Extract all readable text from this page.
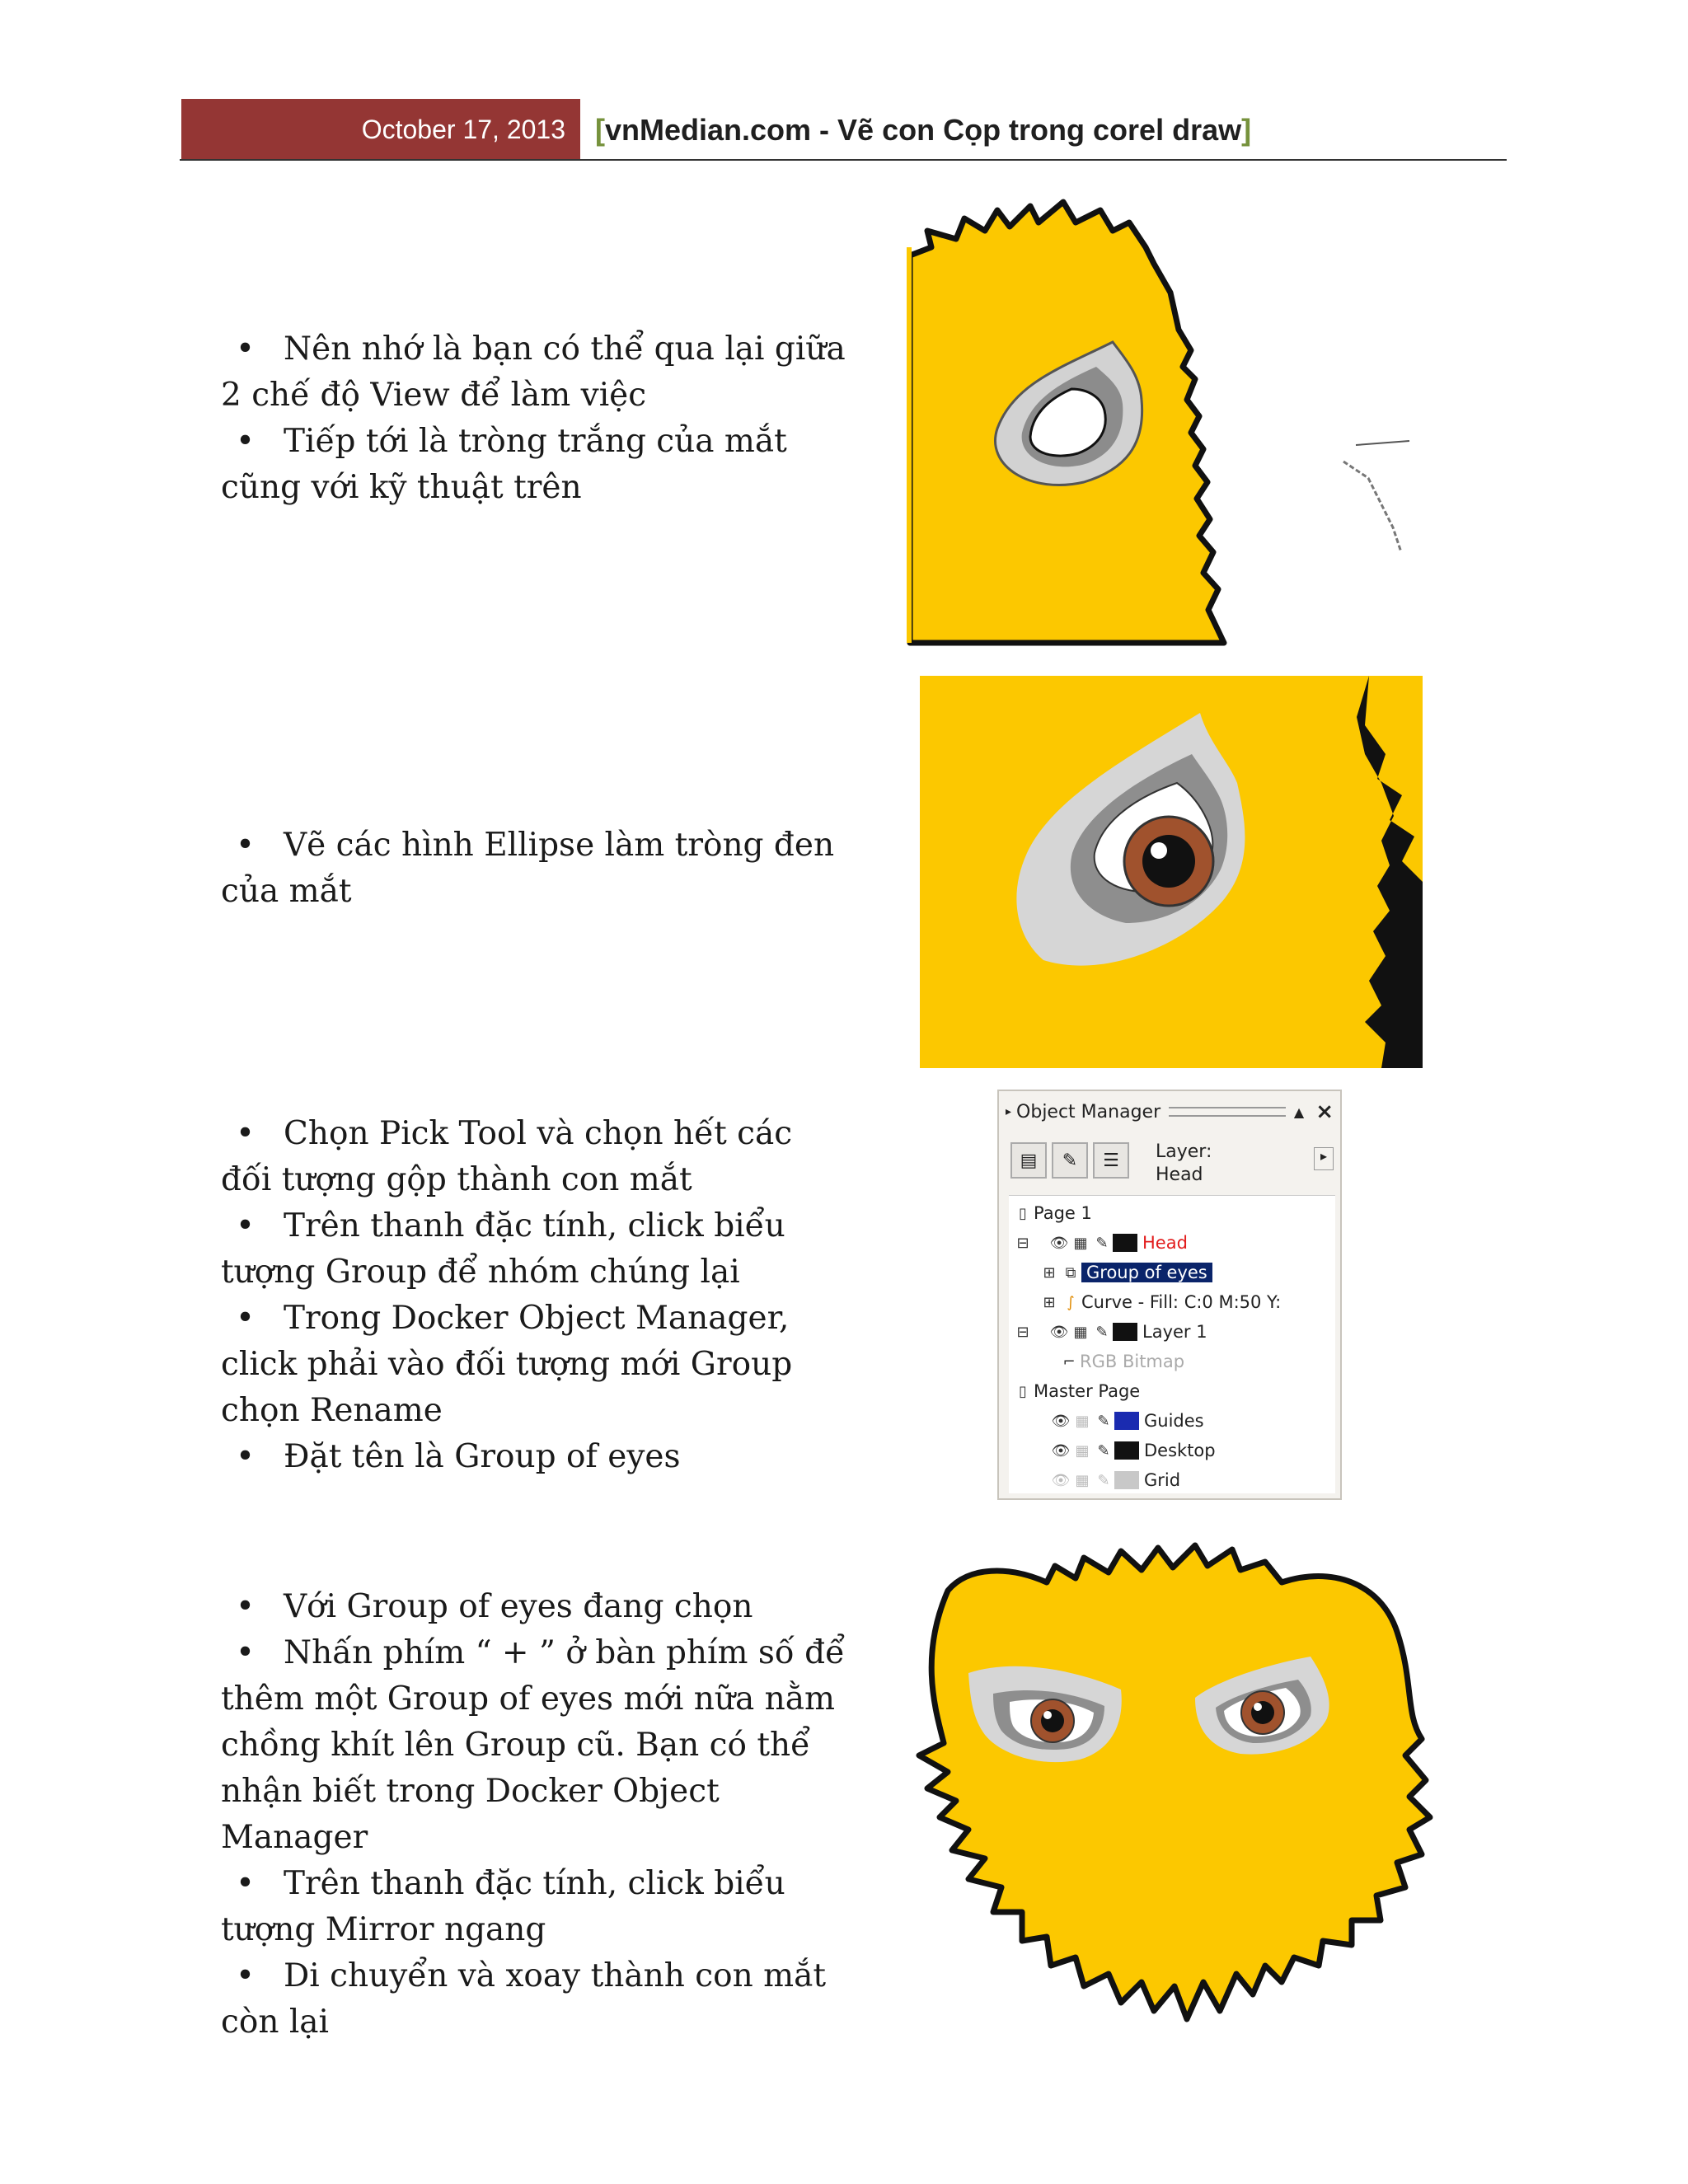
October 17, 2013 [ vnMedian.com - Vẽ con Cọp trong corel draw ]

• Nên nhớ là bạn có thể qua lại giữa 2 chế độ View để làm việc

• Tiếp tới là tròng trắng của mắt cũng với kỹ thuật trên

• Vẽ các hình Ellipse làm tròng đen của mắt

• Chọn Pick Tool và chọn hết các đối tượng gộp thành con mắt

• Trên thanh đặc tính, click biểu tượng Group để nhóm chúng lại

• Trong Docker Object Manager, click phải vào đối tượng mới Group chọn Rename

• Đặt tên là Group of eyes

▸ Object Manager	▲ ×
▤ ✎ ☰ Layer:
Head
▸
▯ Page 1
⊟	👁 ▦ ✎ Head
⊞ ⧉ Group of eyes
⊞ ∫ Curve - Fill: C:0 M:50 Y:
⊟	👁 ▦ ✎ Layer 1
⌐ RGB Bitmap
▯ Master Page
👁 ▦ ✎ Guides
👁 ▦ ✎ Desktop
👁 ▦ ✎ Grid

• Với Group of eyes đang chọn

• Nhấn phím “ + ” ở bàn phím số để thêm một Group of eyes mới nữa nằm chồng khít lên Group cũ. Bạn có thể nhận biết trong Docker Object Manager

• Trên thanh đặc tính, click biểu tượng Mirror ngang

• Di chuyển và xoay thành con mắt còn lại
